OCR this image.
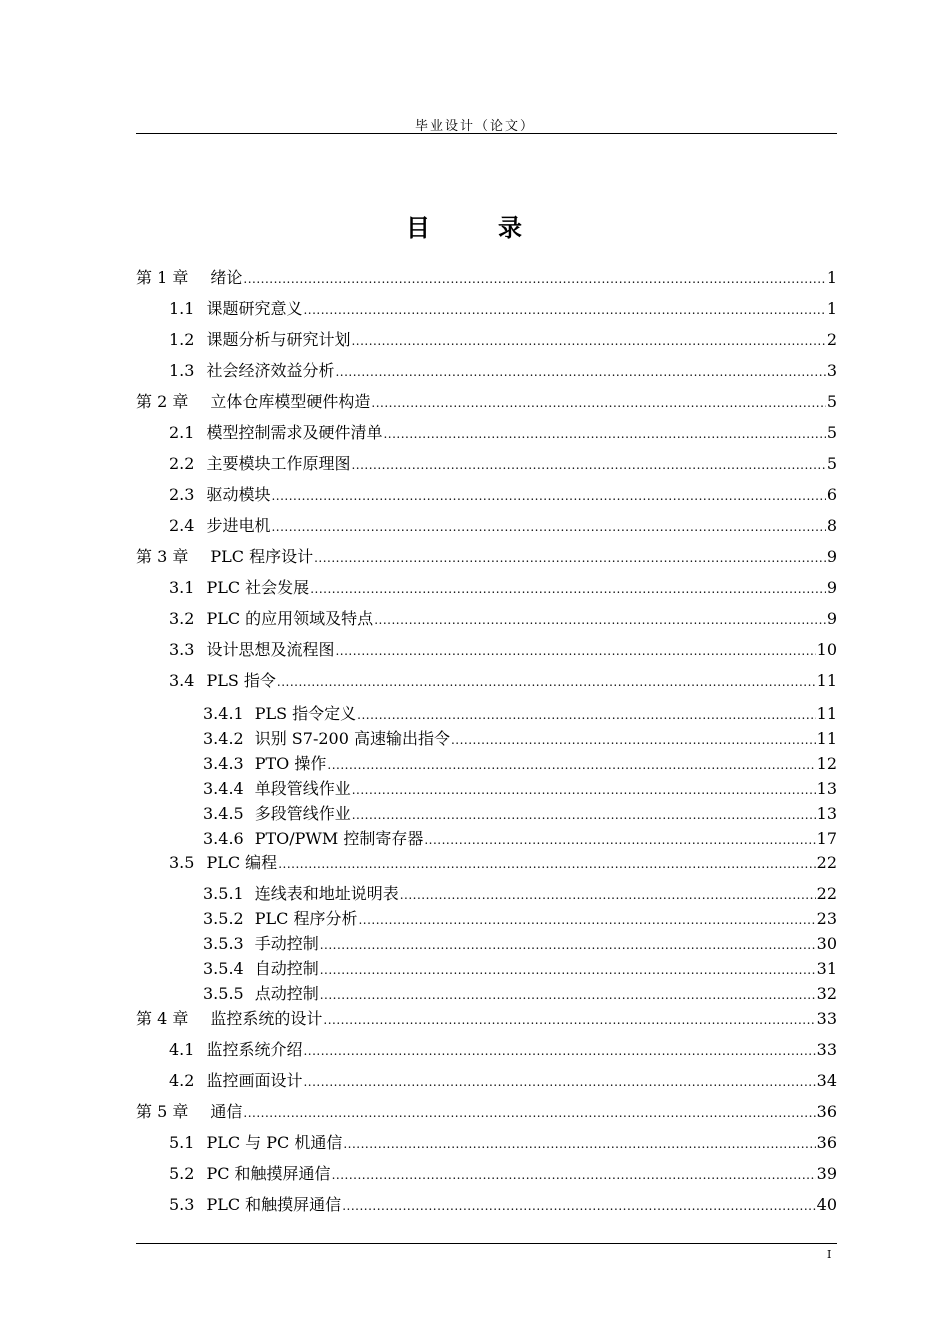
毕业设计（论文）
目　录
第 1 章 绪论 .....	1
1.1 课题研究意义 .....	1
1.2 课题分析与研究计划 .....	2
1.3 社会经济效益分析 .....	3
第 2 章 立体仓库模型硬件构造 .....	5
2.1 模型控制需求及硬件清单 .....	5
2.2 主要模块工作原理图 .....	5
2.3 驱动模块 .....	6
2.4 步进电机 .....	8
第 3 章 PLC 程序设计 .....	9
3.1 PLC 社会发展 .....	9
3.2 PLC 的应用领域及特点 .....	9
3.3 设计思想及流程图 .....	10
3.4 PLS 指令 .....	11
3.4.1 PLS 指令定义 .....	11
3.4.2 识别 S7-200 高速输出指令 .....	11
3.4.3 PTO 操作 .....	12
3.4.4 单段管线作业 .....	13
3.4.5 多段管线作业 .....	13
3.4.6 PTO/PWM 控制寄存器 .....	17
3.5 PLC 编程 .....	22
3.5.1 连线表和地址说明表 .....	22
3.5.2 PLC 程序分析 .....	23
3.5.3 手动控制 .....	30
3.5.4 自动控制 .....	31
3.5.5 点动控制 .....	32
第 4 章 监控系统的设计 .....	33
4.1 监控系统介绍 .....	33
4.2 监控画面设计 .....	34
第 5 章 通信 .....	36
5.1 PLC 与 PC 机通信 .....	36
5.2 PC 和触摸屏通信 .....	39
5.3 PLC 和触摸屏通信 .....	40
I
